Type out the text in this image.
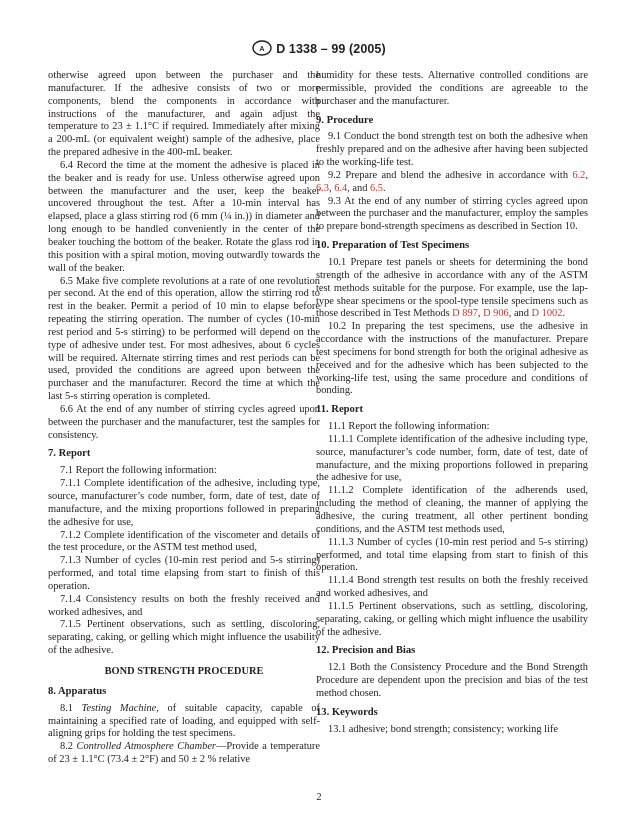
A D 1338 – 99 (2005)

otherwise agreed upon between the purchaser and the manufacturer. If the adhesive consists of two or more components, blend the components in accordance with instructions of the manufacturer, and again adjust the temperature to 23 ± 1.1°C if required. Immediately after mixing a 200-mL (or equivalent weight) sample of the adhesive, place the prepared adhesive in the 400-mL beaker.

6.4 Record the time at the moment the adhesive is placed in the beaker and is ready for use. Unless otherwise agreed upon between the manufacturer and the user, keep the beaker uncovered throughout the test. After a 10-min interval has elapsed, place a glass stirring rod (6 mm (¼ in.)) in diameter and long enough to be handled conveniently in the center of the beaker touching the bottom of the beaker. Rotate the glass rod in this position with a spiral motion, moving outwardly towards the wall of the beaker.

6.5 Make five complete revolutions at a rate of one revolution per second. At the end of this operation, allow the stirring rod to rest in the beaker. Permit a period of 10 min to elapse before repeating the stirring operation. The number of cycles (10-min rest period and 5-s stirring) to be performed will depend on the type of adhesive under test. For most adhesives, about 6 cycles will be required. Alternate stirring times and rest periods can be used, provided the conditions are agreed upon between the purchaser and the manufacturer. Record the time at which the last 5-s stirring operation is completed.

6.6 At the end of any number of stirring cycles agreed upon between the purchaser and the manufacturer, test the samples for consistency.

7. Report

7.1 Report the following information:

7.1.1 Complete identification of the adhesive, including type, source, manufacturer’s code number, form, date of test, date of manufacture, and the mixing proportions followed in preparing the adhesive for use,

7.1.2 Complete identification of the viscometer and details of the test procedure, or the ASTM test method used,

7.1.3 Number of cycles (10-min rest period and 5-s stirring) performed, and total time elapsing from start to finish of this operation.

7.1.4 Consistency results on both the freshly received and worked adhesives, and

7.1.5 Pertinent observations, such as settling, discoloring, separating, caking, or gelling which might influence the usability of the adhesive.

BOND STRENGTH PROCEDURE
8. Apparatus

8.1 Testing Machine, of suitable capacity, capable of maintaining a specified rate of loading, and equipped with self-aligning grips for holding the test specimens.

8.2 Controlled Atmosphere Chamber—Provide a temperature of 23 ± 1.1°C (73.4 ± 2°F) and 50 ± 2 % relative

humidity for these tests. Alternative controlled conditions are permissible, provided the conditions are agreeable to the purchaser and the manufacturer.

9. Procedure

9.1 Conduct the bond strength test on both the adhesive when freshly prepared and on the adhesive after having been subjected to the working-life test.

9.2 Prepare and blend the adhesive in accordance with 6.2, 6.3, 6.4, and 6.5.

9.3 At the end of any number of stirring cycles agreed upon between the purchaser and the manufacturer, employ the samples to prepare bond-strength specimens as described in Section 10.

10. Preparation of Test Specimens

10.1 Prepare test panels or sheets for determining the bond strength of the adhesive in accordance with any of the ASTM test methods suitable for the purpose. For example, use the lap-type shear specimens or the spool-type tensile specimens such as those described in Test Methods D 897, D 906, and D 1002.

10.2 In preparing the test specimens, use the adhesive in accordance with the instructions of the manufacturer. Prepare test specimens for bond strength for both the original adhesive as received and for the adhesive which has been subjected to the working-life test, using the same procedure and conditions of bonding.

11. Report

11.1 Report the following information:

11.1.1 Complete identification of the adhesive including type, source, manufacturer’s code number, form, date of test, date of manufacture, and the mixing proportions followed in preparing the adhesive for use,

11.1.2 Complete identification of the adherends used, including the method of cleaning, the manner of applying the adhesive, the curing treatment, all other pertinent bonding conditions, and the ASTM test methods used,

11.1.3 Number of cycles (10-min rest period and 5-s stirring) performed, and total time elapsing from start to finish of this operation.

11.1.4 Bond strength test results on both the freshly received and worked adhesives, and

11.1.5 Pertinent observations, such as settling, discoloring, separating, caking, or gelling which might influence the usability of the adhesive.

12. Precision and Bias

12.1 Both the Consistency Procedure and the Bond Strength Procedure are dependent upon the precision and bias of the test method chosen.

13. Keywords

13.1 adhesive; bond strength; consistency; working life

2
